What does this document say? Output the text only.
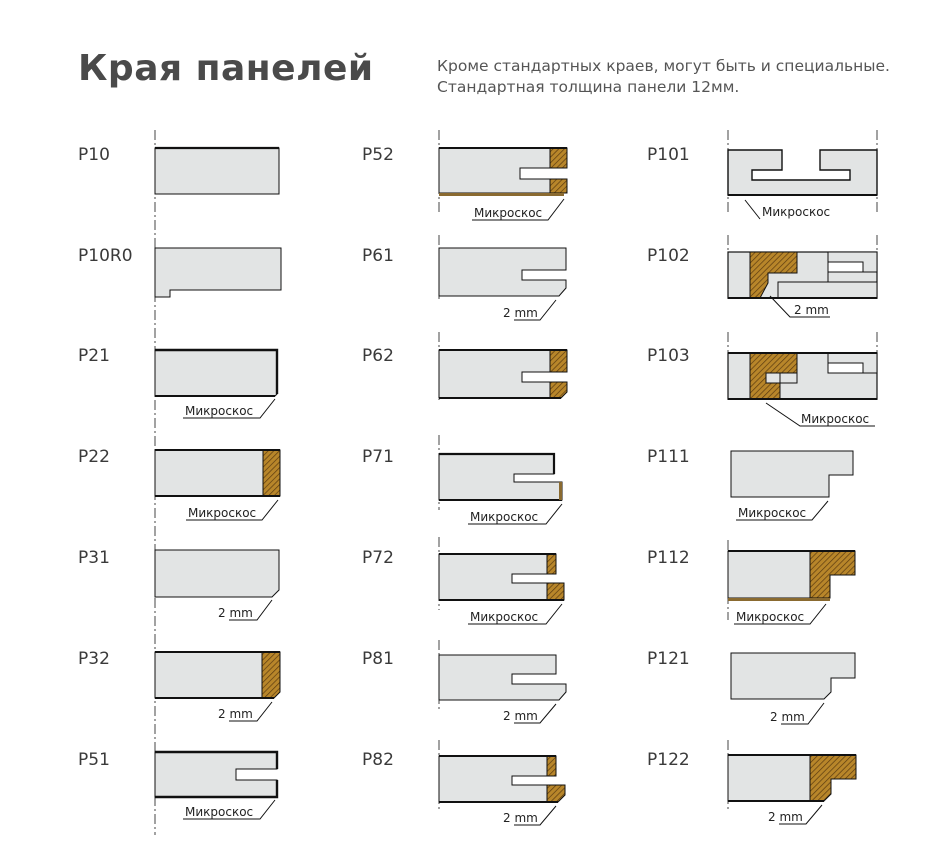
Края панелей	Кроме стандартных краев, могут быть и специальные.
Стандартная толщина панели 12мм.
P10
P10R0
P21
P22
P31
P32
P51
P52
P61
P62
P71
P72
P81
P82
P101
P102
P103
P111
P112
P121
P122
Микроскос
Микроскос
2 mm
2 mm
Микроскос
Микроскос
2 mm
Микроскос
Микроскос
2 mm
2 mm
Микроскос
2 mm
Микроскос
Микроскос
Микроскос
2 mm
2 mm
